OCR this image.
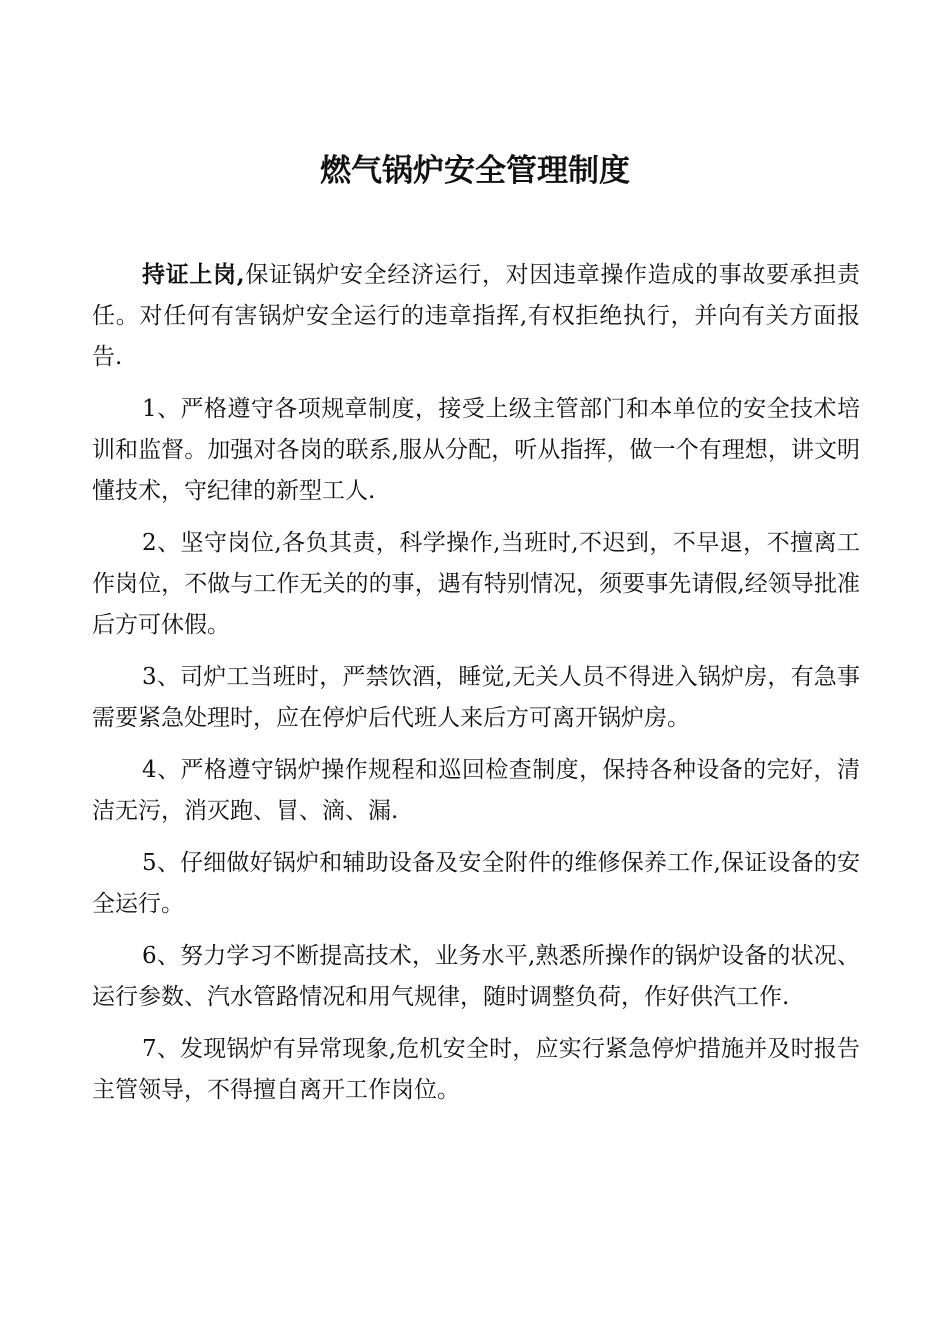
燃气锅炉安全管理制度

持证上岗,保证锅炉安全经济运行，对因违章操作造成的事故要承担责任。对任何有害锅炉安全运行的违章指挥,有权拒绝执行，并向有关方面报告.

1、严格遵守各项规章制度，接受上级主管部门和本单位的安全技术培训和监督。加强对各岗的联系,服从分配，听从指挥，做一个有理想，讲文明懂技术，守纪律的新型工人.

2、坚守岗位,各负其责，科学操作,当班时,不迟到，不早退，不擅离工作岗位，不做与工作无关的的事，遇有特别情况，须要事先请假,经领导批准后方可休假。

3、司炉工当班时，严禁饮酒，睡觉,无关人员不得进入锅炉房，有急事需要紧急处理时，应在停炉后代班人来后方可离开锅炉房。

4、严格遵守锅炉操作规程和巡回检查制度，保持各种设备的完好，清洁无污，消灭跑、冒、滴、漏.

5、仔细做好锅炉和辅助设备及安全附件的维修保养工作,保证设备的安全运行。

6、努力学习不断提高技术，业务水平,熟悉所操作的锅炉设备的状况、运行参数、汽水管路情况和用气规律，随时调整负荷，作好供汽工作.

7、发现锅炉有异常现象,危机安全时，应实行紧急停炉措施并及时报告主管领导，不得擅自离开工作岗位。
